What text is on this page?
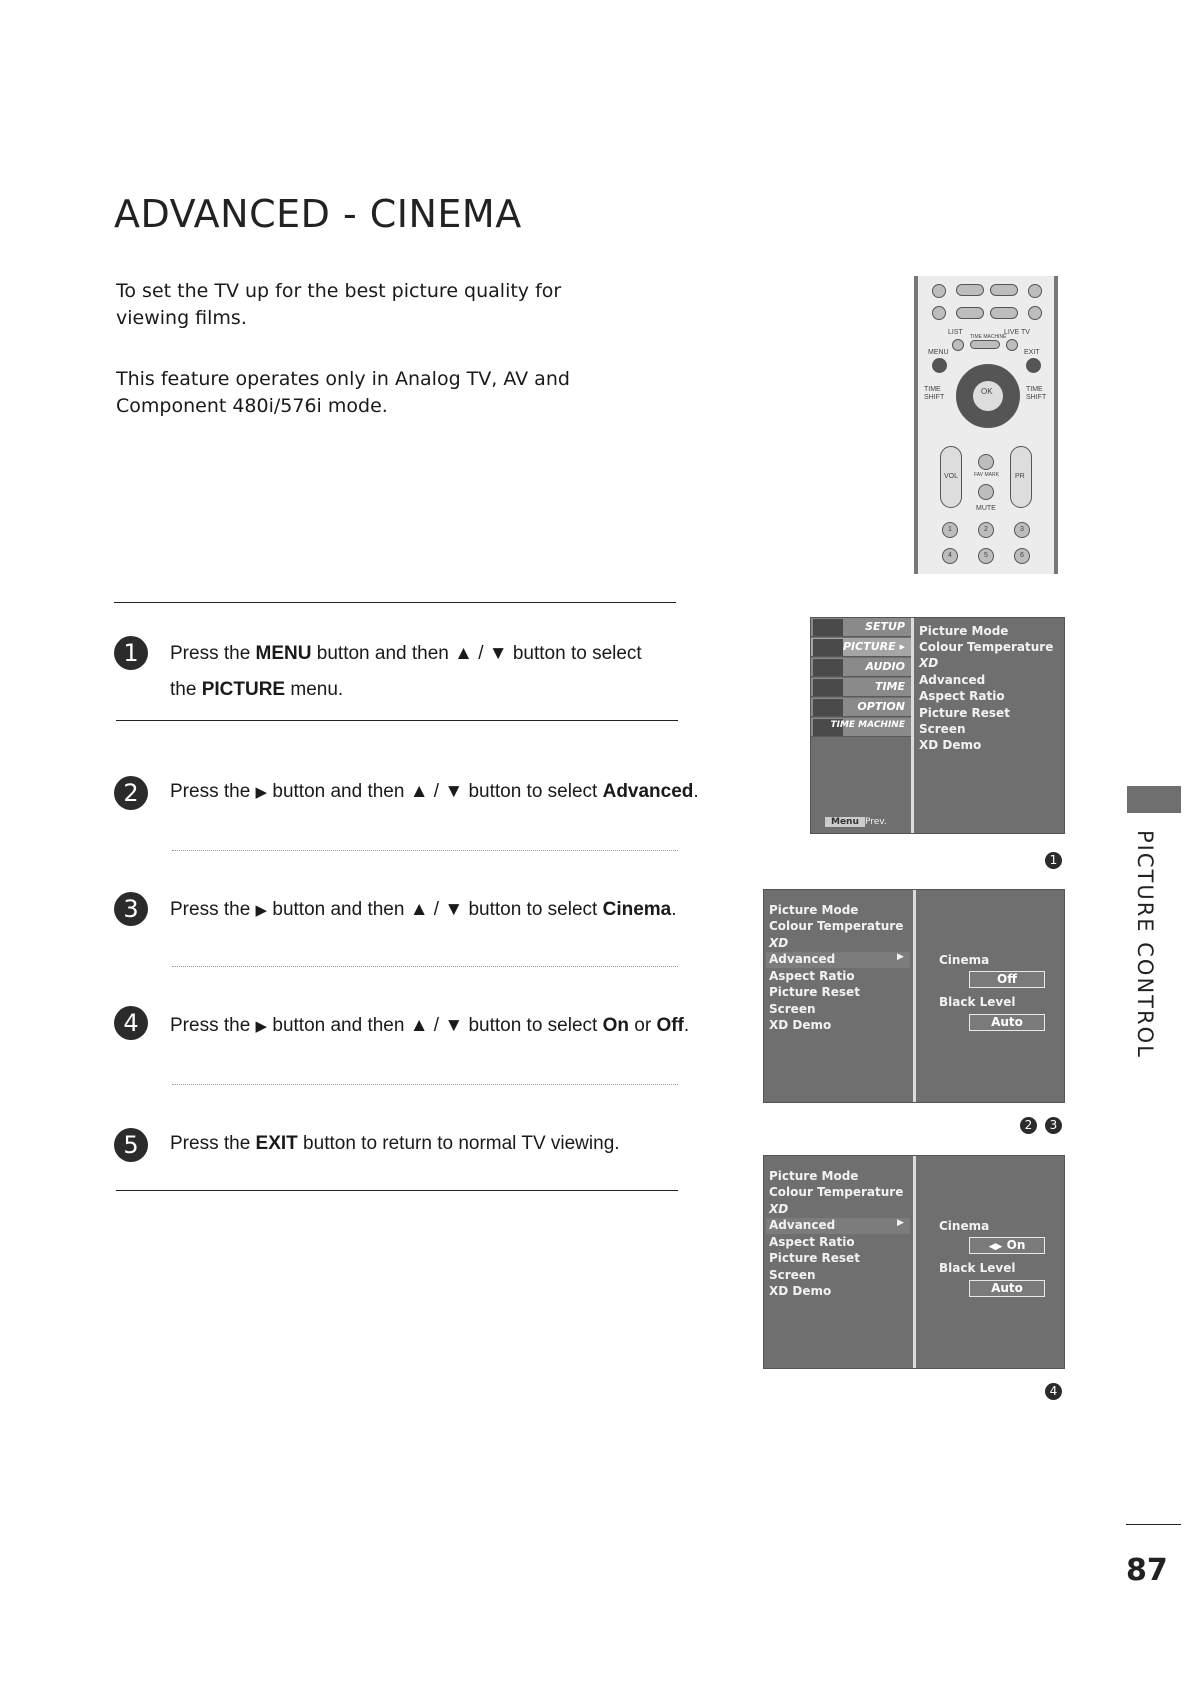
ADVANCED - CINEMA

To set the TV up for the best picture quality for viewing films.

This feature operates only in Analog TV, AV and Component 480i/576i mode.

LIST
TIME MACHINE
LIVE TV
MENU	EXIT
OK
TIME SHIFT
TIME SHIFT
VOL	PR
FAV MARK
MUTE
1	2	3
4	5	6
1	Press the MENU button and then ▲ / ▼ button to select the PICTURE menu.
2	Press the ▶ button and then ▲ / ▼ button to select Advanced.
3	Press the ▶ button and then ▲ / ▼ button to select Cinema.
4	Press the ▶ button and then ▲ / ▼ button to select On or Off.
5	Press the EXIT button to return to normal TV viewing.
SETUP
PICTURE ▸
AUDIO
TIME
OPTION
TIME MACHINE
Picture Mode
Colour Temperature
XD
Advanced
Aspect Ratio
Picture Reset
Screen
XD Demo
Menu Prev.
1
Picture Mode
Colour Temperature
XD
Advanced	▶
Aspect Ratio
Picture Reset
Screen
XD Demo
Cinema
Off
Black Level
Auto
2	3
Picture Mode
Colour Temperature
XD
Advanced	▶
Aspect Ratio
Picture Reset
Screen
XD Demo
Cinema
◀▶ On
Black Level
Auto
4
PICTURE CONTROL
87
